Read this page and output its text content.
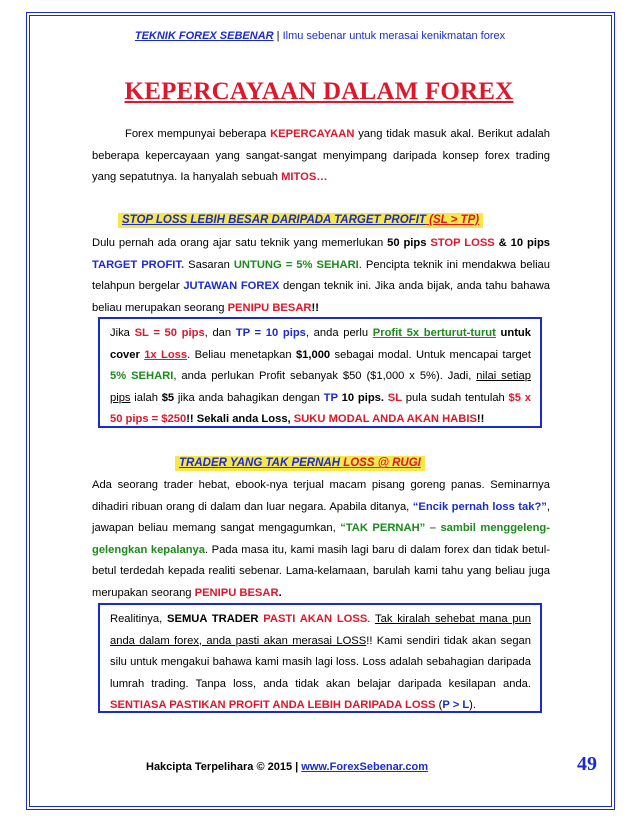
TEKNIK FOREX SEBENAR | Ilmu sebenar untuk merasai kenikmatan forex
KEPERCAYAAN DALAM FOREX
Forex mempunyai beberapa KEPERCAYAAN yang tidak masuk akal. Berikut adalah beberapa kepercayaan yang sangat-sangat menyimpang daripada konsep forex trading yang sepatutnya. Ia hanyalah sebuah MITOS…
STOP LOSS LEBIH BESAR DARIPADA TARGET PROFIT (SL > TP)
Dulu pernah ada orang ajar satu teknik yang memerlukan 50 pips STOP LOSS & 10 pips TARGET PROFIT. Sasaran UNTUNG = 5% SEHARI. Pencipta teknik ini mendakwa beliau telahpun bergelar JUTAWAN FOREX dengan teknik ini. Jika anda bijak, anda tahu bahawa beliau merupakan seorang PENIPU BESAR!!
Jika SL = 50 pips, dan TP = 10 pips, anda perlu Profit 5x berturut-turut untuk cover 1x Loss. Beliau menetapkan $1,000 sebagai modal. Untuk mencapai target 5% SEHARI, anda perlukan Profit sebanyak $50 ($1,000 x 5%). Jadi, nilai setiap pips ialah $5 jika anda bahagikan dengan TP 10 pips. SL pula sudah tentulah $5 x 50 pips = $250!! Sekali anda Loss, SUKU MODAL ANDA AKAN HABIS!!
TRADER YANG TAK PERNAH LOSS @ RUGI
Ada seorang trader hebat, ebook-nya terjual macam pisang goreng panas. Seminarnya dihadiri ribuan orang di dalam dan luar negara. Apabila ditanya, “Encik pernah loss tak?”, jawapan beliau memang sangat mengagumkan, “TAK PERNAH” – sambil menggeleng-gelengkan kepalanya. Pada masa itu, kami masih lagi baru di dalam forex dan tidak betul-betul terdedah kepada realiti sebenar. Lama-kelamaan, barulah kami tahu yang beliau juga merupakan seorang PENIPU BESAR.
Realitinya, SEMUA TRADER PASTI AKAN LOSS. Tak kiralah sehebat mana pun anda dalam forex, anda pasti akan merasai LOSS!! Kami sendiri tidak akan segan silu untuk mengakui bahawa kami masih lagi loss. Loss adalah sebahagian daripada lumrah trading. Tanpa loss, anda tidak akan belajar daripada kesilapan anda. SENTIASA PASTIKAN PROFIT ANDA LEBIH DARIPADA LOSS (P > L).
Hakcipta Terpelihara © 2015 | www.ForexSebenar.com	49
